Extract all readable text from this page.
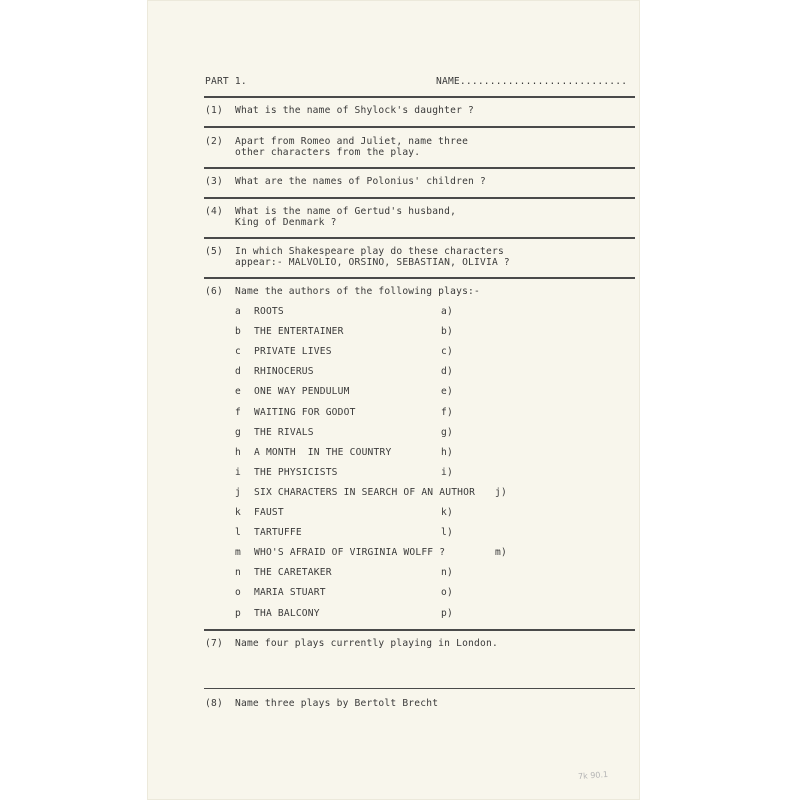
PART 1.	NAME............................
(1) What is the name of Shylock's daughter ?
(2) Apart from Romeo and Juliet, name three
other characters from the play.
(3) What are the names of Polonius' children ?
(4) What is the name of Gertud's husband,
King of Denmark ?
(5) In which Shakespeare play do these characters
appear:- MALVOLIO, ORSINO, SEBASTIAN, OLIVIA ?
(6) Name the authors of the following plays:-
a ROOTS	a)
b THE ENTERTAINER	b)
c PRIVATE LIVES	c)
d RHINOCERUS	d)
e ONE WAY PENDULUM	e)
f WAITING FOR GODOT	f)
g THE RIVALS	g)
h A MONTH  IN THE COUNTRY	h)
i THE PHYSICISTS	i)
j SIX CHARACTERS IN SEARCH OF AN AUTHOR j)
k FAUST	k)
l TARTUFFE	l)
m WHO'S AFRAID OF VIRGINIA WOLFF ?	m)
n THE CARETAKER	n)
o MARIA STUART	o)
p THA BALCONY	p)
(7) Name four plays currently playing in London.
(8) Name three plays by Bertolt Brecht
7k 90.1
